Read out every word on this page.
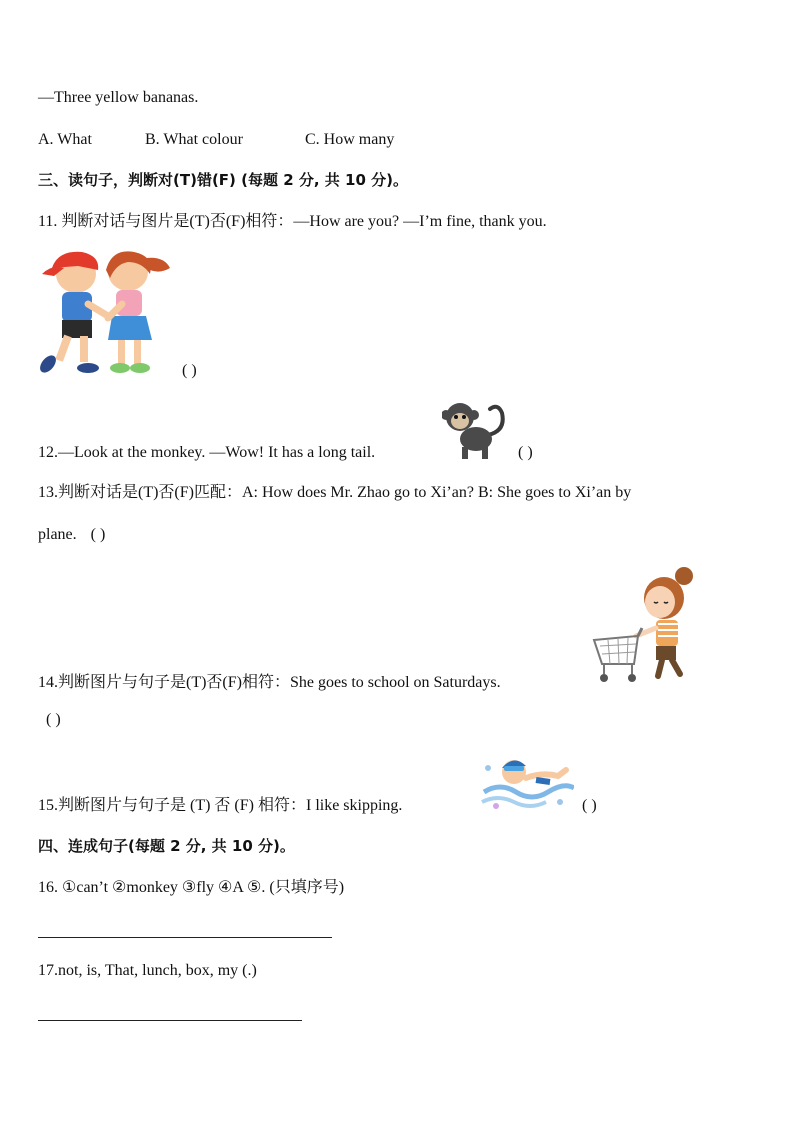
—Three yellow bananas.
A. What	B. What colour	C. How many
三、读句子，判断对(T)错(F) (每题 2 分, 共 10 分)。
11. 判断对话与图片是(T)否(F)相符：—How are you? —I’m fine, thank you.
( )
12.—Look at the monkey. —Wow! It has a long tail.	( )
13.判断对话是(T)否(F)匹配：A: How does Mr. Zhao go to Xi’an? B: She goes to Xi’an by
plane. ( )
14.判断图片与句子是(T)否(F)相符：She goes to school on Saturdays.
( )
15.判断图片与句子是 (T) 否 (F) 相符：I like skipping.	( )
四、连成句子(每题 2 分, 共 10 分)。
16. ①can’t ②monkey ③fly ④A ⑤. (只填序号)
17.not, is, That, lunch, box, my (.)
